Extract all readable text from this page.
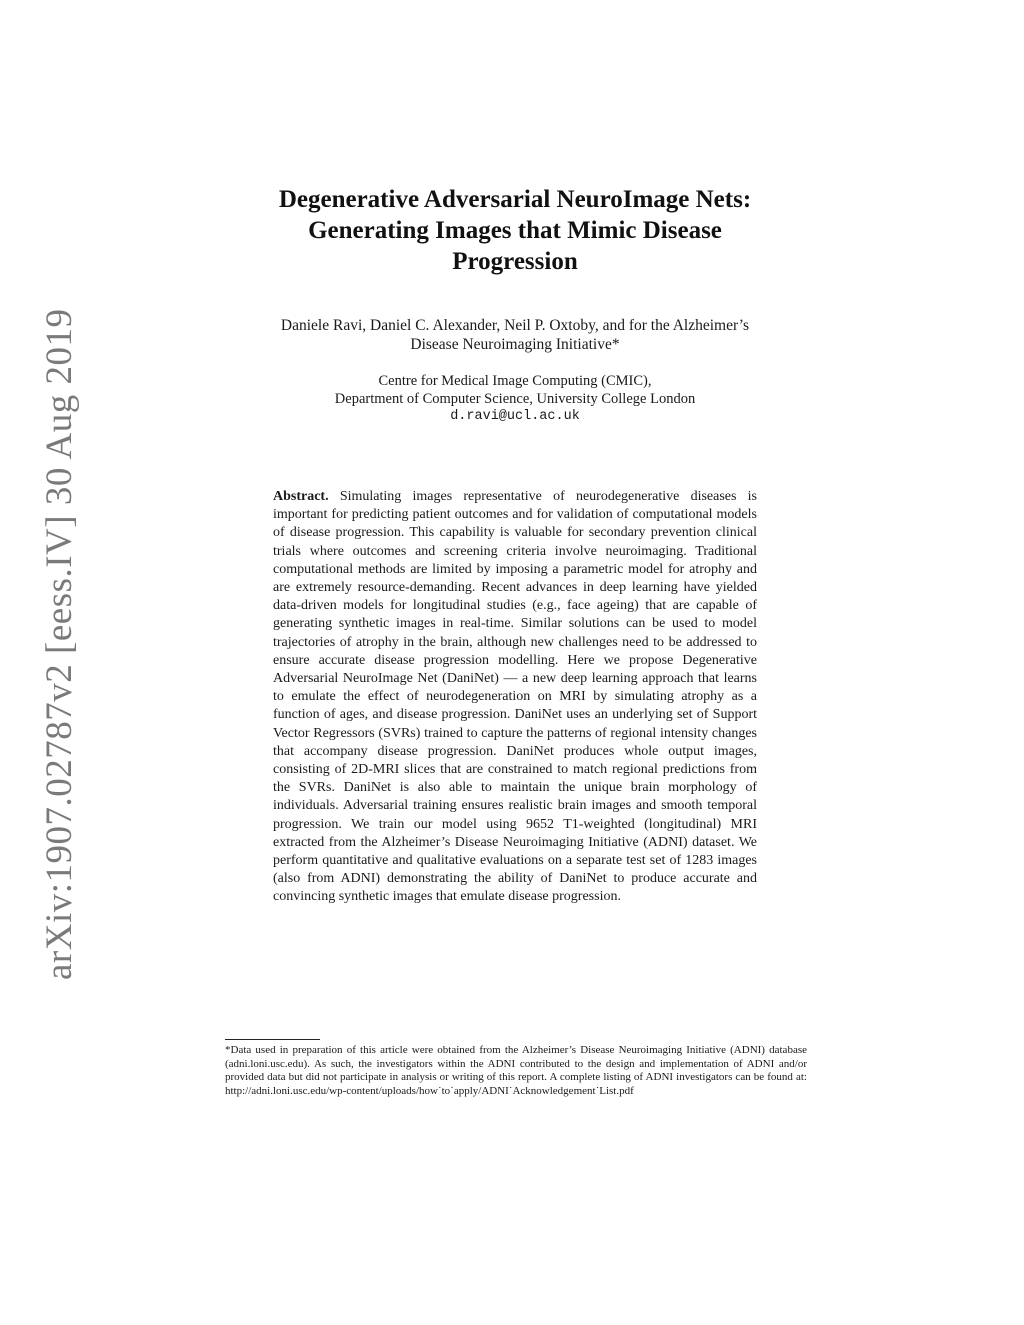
arXiv:1907.02787v2 [eess.IV] 30 Aug 2019
Degenerative Adversarial NeuroImage Nets:
Generating Images that Mimic Disease
Progression
Daniele Ravi, Daniel C. Alexander, Neil P. Oxtoby, and for the Alzheimer’s
Disease Neuroimaging Initiative*
Centre for Medical Image Computing (CMIC),
Department of Computer Science, University College London
d.ravi@ucl.ac.uk
Abstract. Simulating images representative of neurodegenerative diseases is important for predicting patient outcomes and for validation of computational models of disease progression. This capability is valuable for secondary prevention clinical trials where outcomes and screening criteria involve neuroimaging. Traditional computational methods are limited by imposing a parametric model for atrophy and are extremely resource-demanding. Recent advances in deep learning have yielded data-driven models for longitudinal studies (e.g., face ageing) that are capable of generating synthetic images in real-time. Similar solutions can be used to model trajectories of atrophy in the brain, although new challenges need to be addressed to ensure accurate disease progression modelling. Here we propose Degenerative Adversarial NeuroImage Net (DaniNet) — a new deep learning approach that learns to emulate the effect of neurodegeneration on MRI by simulating atrophy as a function of ages, and disease progression. DaniNet uses an underlying set of Support Vector Regressors (SVRs) trained to capture the patterns of regional intensity changes that accompany disease progression. DaniNet produces whole output images, consisting of 2D-MRI slices that are constrained to match regional predictions from the SVRs. DaniNet is also able to maintain the unique brain morphology of individuals. Adversarial training ensures realistic brain images and smooth temporal progression. We train our model using 9652 T1-weighted (longitudinal) MRI extracted from the Alzheimer’s Disease Neuroimaging Initiative (ADNI) dataset. We perform quantitative and qualitative evaluations on a separate test set of 1283 images (also from ADNI) demonstrating the ability of DaniNet to produce accurate and convincing synthetic images that emulate disease progression.
*Data used in preparation of this article were obtained from the Alzheimer’s Disease Neuroimaging Initiative (ADNI) database (adni.loni.usc.edu). As such, the investigators within the ADNI contributed to the design and implementation of ADNI and/or provided data but did not participate in analysis or writing of this report. A complete listing of ADNI investigators can be found at: http://adni.loni.usc.edu/wp-content/uploads/how˙to˙apply/ADNI˙Acknowledgement˙List.pdf
